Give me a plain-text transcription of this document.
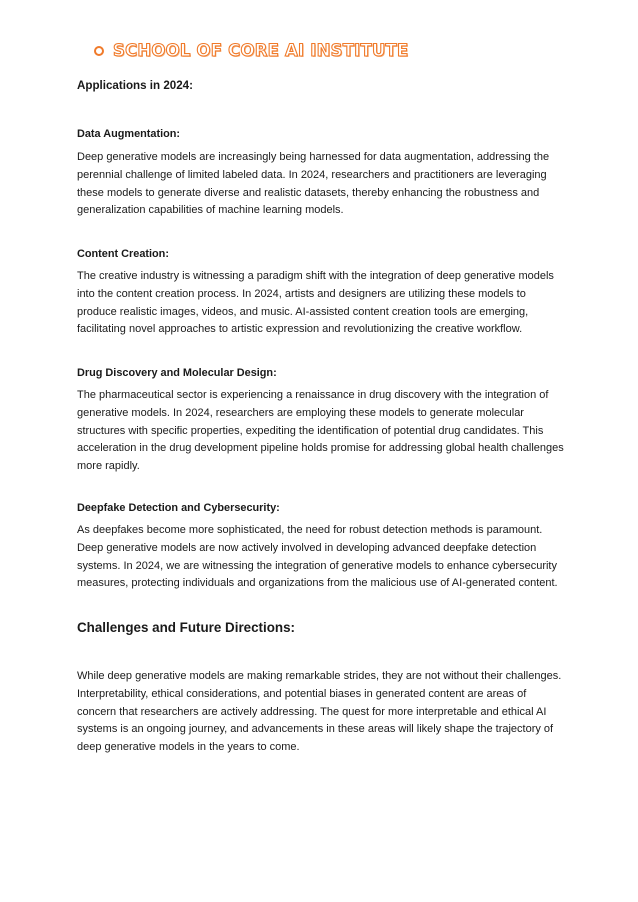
SCHOOL OF CORE AI INSTITUTE
Applications in 2024:
Data Augmentation:
Deep generative models are increasingly being harnessed for data augmentation, addressing the perennial challenge of limited labeled data. In 2024, researchers and practitioners are leveraging these models to generate diverse and realistic datasets, thereby enhancing the robustness and generalization capabilities of machine learning models.
Content Creation:
The creative industry is witnessing a paradigm shift with the integration of deep generative models into the content creation process. In 2024, artists and designers are utilizing these models to produce realistic images, videos, and music. AI-assisted content creation tools are emerging, facilitating novel approaches to artistic expression and revolutionizing the creative workflow.
Drug Discovery and Molecular Design:
The pharmaceutical sector is experiencing a renaissance in drug discovery with the integration of generative models. In 2024, researchers are employing these models to generate molecular structures with specific properties, expediting the identification of potential drug candidates. This acceleration in the drug development pipeline holds promise for addressing global health challenges more rapidly.
Deepfake Detection and Cybersecurity:
As deepfakes become more sophisticated, the need for robust detection methods is paramount. Deep generative models are now actively involved in developing advanced deepfake detection systems. In 2024, we are witnessing the integration of generative models to enhance cybersecurity measures, protecting individuals and organizations from the malicious use of AI-generated content.
Challenges and Future Directions:
While deep generative models are making remarkable strides, they are not without their challenges. Interpretability, ethical considerations, and potential biases in generated content are areas of concern that researchers are actively addressing. The quest for more interpretable and ethical AI systems is an ongoing journey, and advancements in these areas will likely shape the trajectory of deep generative models in the years to come.
